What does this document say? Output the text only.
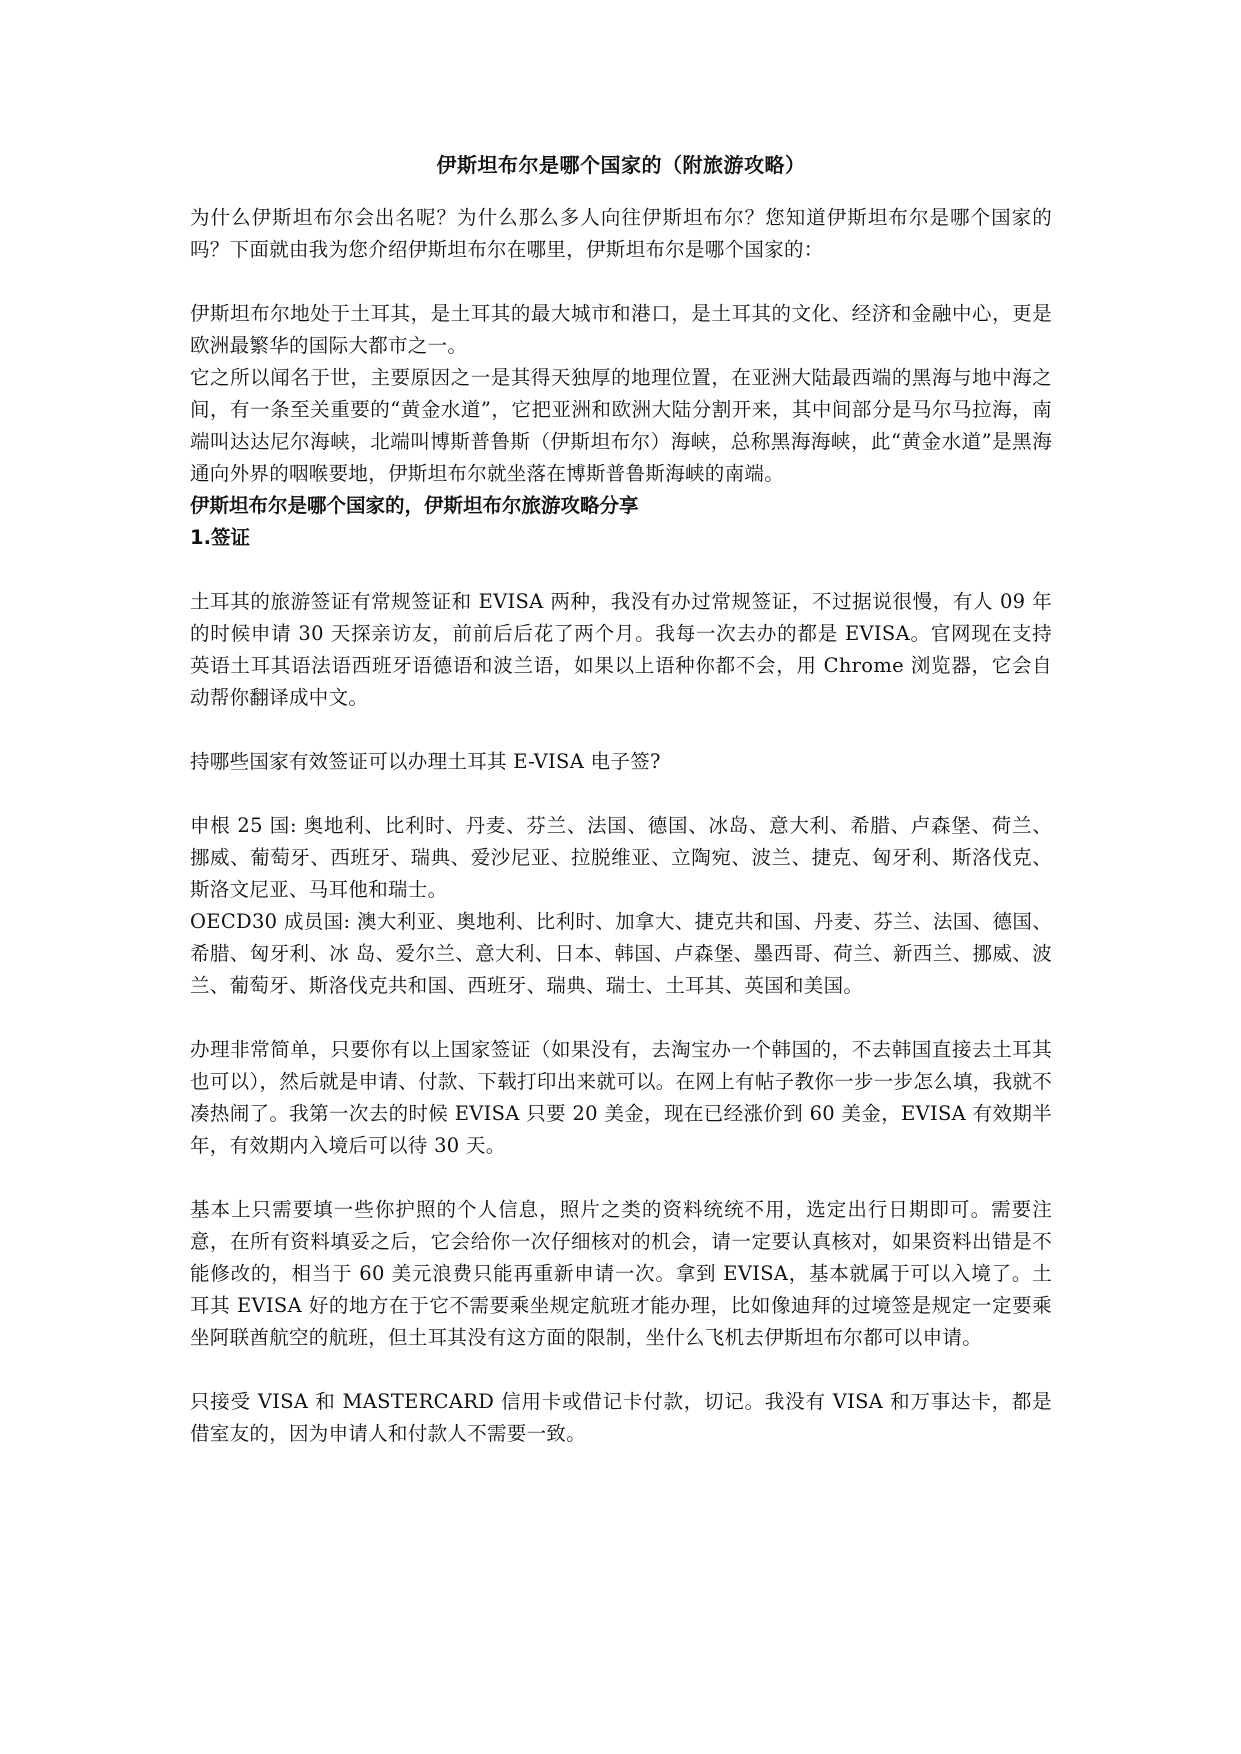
伊斯坦布尔是哪个国家的（附旅游攻略）

为什么伊斯坦布尔会出名呢？为什么那么多人向往伊斯坦布尔？您知道伊斯坦布尔是哪个国家的吗？下面就由我为您介绍伊斯坦布尔在哪里，伊斯坦布尔是哪个国家的：

伊斯坦布尔地处于土耳其，是土耳其的最大城市和港口，是土耳其的文化、经济和金融中心，更是欧洲最繁华的国际大都市之一。

它之所以闻名于世，主要原因之一是其得天独厚的地理位置，在亚洲大陆最西端的黑海与地中海之间，有一条至关重要的“黄金水道”，它把亚洲和欧洲大陆分割开来，其中间部分是马尔马拉海，南端叫达达尼尔海峡，北端叫博斯普鲁斯（伊斯坦布尔）海峡，总称黑海海峡，此“黄金水道”是黑海通向外界的咽喉要地，伊斯坦布尔就坐落在博斯普鲁斯海峡的南端。

伊斯坦布尔是哪个国家的，伊斯坦布尔旅游攻略分享
1.签证

土耳其的旅游签证有常规签证和 EVISA 两种，我没有办过常规签证，不过据说很慢，有人 09 年的时候申请 30 天探亲访友，前前后后花了两个月。我每一次去办的都是 EVISA。官网现在支持英语土耳其语法语西班牙语德语和波兰语，如果以上语种你都不会，用 Chrome 浏览器，它会自动帮你翻译成中文。

持哪些国家有效签证可以办理土耳其 E-VISA 电子签?

申根 25 国: 奥地利、比利时、丹麦、芬兰、法国、德国、冰岛、意大利、希腊、卢森堡、荷兰、挪威、葡萄牙、西班牙、瑞典、爱沙尼亚、拉脱维亚、立陶宛、波兰、捷克、匈牙利、斯洛伐克、斯洛文尼亚、马耳他和瑞士。

OECD30 成员国: 澳大利亚、奥地利、比利时、加拿大、捷克共和国、丹麦、芬兰、法国、德国、希腊、匈牙利、冰 岛、爱尔兰、意大利、日本、韩国、卢森堡、墨西哥、荷兰、新西兰、挪威、波兰、葡萄牙、斯洛伐克共和国、西班牙、瑞典、瑞士、土耳其、英国和美国。

办理非常简单，只要你有以上国家签证（如果没有，去淘宝办一个韩国的，不去韩国直接去土耳其也可以），然后就是申请、付款、下载打印出来就可以。在网上有帖子教你一步一步怎么填，我就不凑热闹了。我第一次去的时候 EVISA 只要 20 美金，现在已经涨价到 60 美金，EVISA 有效期半年，有效期内入境后可以待 30 天。

基本上只需要填一些你护照的个人信息，照片之类的资料统统不用，选定出行日期即可。需要注意，在所有资料填妥之后，它会给你一次仔细核对的机会，请一定要认真核对，如果资料出错是不能修改的，相当于 60 美元浪费只能再重新申请一次。拿到 EVISA，基本就属于可以入境了。土耳其 EVISA 好的地方在于它不需要乘坐规定航班才能办理，比如像迪拜的过境签是规定一定要乘坐阿联酋航空的航班，但土耳其没有这方面的限制，坐什么飞机去伊斯坦布尔都可以申请。

只接受 VISA 和 MASTERCARD 信用卡或借记卡付款，切记。我没有 VISA 和万事达卡，都是借室友的，因为申请人和付款人不需要一致。
